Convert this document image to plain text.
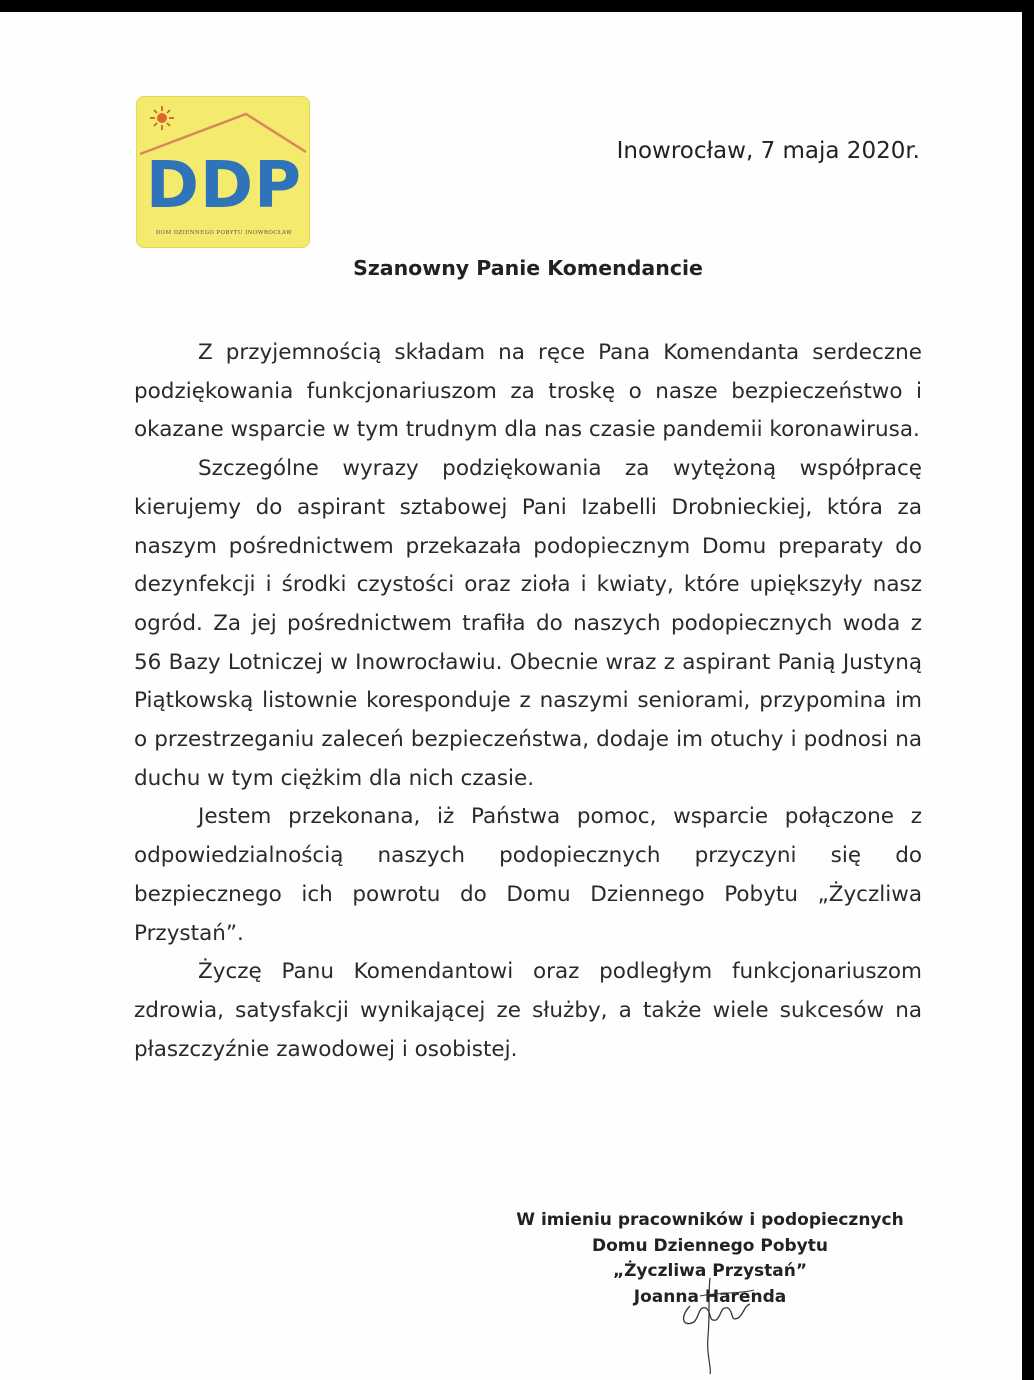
DDP
DOM DZIENNEGO POBYTU INOWROCŁAW
Inowrocław, 7 maja 2020r.
Szanowny Panie Komendancie

Z przyjemnością składam na ręce Pana Komendanta serdeczne podziękowania funkcjonariuszom za troskę o nasze bezpieczeństwo i okazane wsparcie w tym trudnym dla nas czasie pandemii koronawirusa.

Szczególne wyrazy podziękowania za wytężoną współpracę kierujemy do aspirant sztabowej Pani Izabelli Drobnieckiej, która za naszym pośrednictwem przekazała podopiecznym Domu preparaty do dezynfekcji i środki czystości oraz zioła i kwiaty, które upiększyły nasz ogród. Za jej pośrednictwem trafiła do naszych podopiecznych woda z 56 Bazy Lotniczej w Inowrocławiu. Obecnie wraz z aspirant Panią Justyną Piątkowską listownie koresponduje z naszymi seniorami, przypomina im o przestrzeganiu zaleceń bezpieczeństwa, dodaje im otuchy i podnosi na duchu w tym ciężkim dla nich czasie.

Jestem przekonana, iż Państwa pomoc, wsparcie połączone z odpowiedzialnością naszych podopiecznych przyczyni się do bezpiecznego ich powrotu do Domu Dziennego Pobytu „Życzliwa Przystań”.

Życzę Panu Komendantowi oraz podległym funkcjonariuszom zdrowia, satysfakcji wynikającej ze służby, a także wiele sukcesów na płaszczyźnie zawodowej i osobistej.

W imieniu pracowników i podopiecznych
Domu Dziennego Pobytu
„Życzliwa Przystań”
Joanna Harenda
